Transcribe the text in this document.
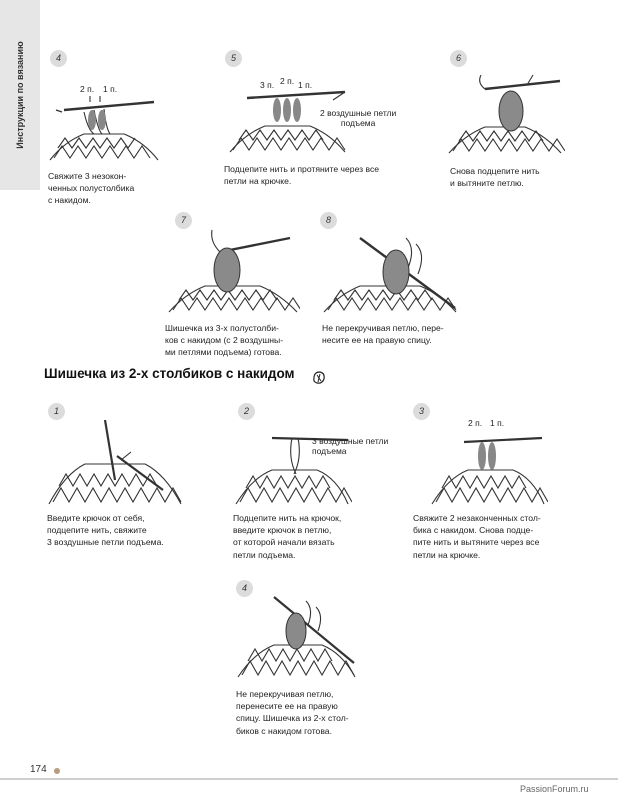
Инструкции по вязанию	4
2 п. 1 п.
Свяжите 3 незокон-
ченных полустолбика
с накидом.
5
3 п. 2 п. 1 п.
2 воздушные петли
подъема
Подцепите нить и протяните через все
петли на крючке.
6
Снова подцепите нить
и вытяните петлю.
7
Шишечка из 3-х полустолби-
ков с накидом (с 2 воздушны-
ми петлями подъема) готова.
8
Не перекручивая петлю, пере-
несите ее на правую спицу.
Шишечка из 2-х столбиков с накидом
1
Введите крючок от себя,
подцепите нить, свяжите
3 воздушные петли подъема.
2
3 воздушные петли
подъема
Подцепите нить на крючок,
введите крючок в петлю,
от которой начали вязать
петли подъема.
3
2 п. 1 п.
Свяжите 2 незаконченных стол-
бика с накидом. Снова подце-
пите нить и вытяните через все
петли на крючке.
4
Не перекручивая петлю,
перенесите ее на правую
спицу. Шишечка из 2-х стол-
биков с накидом готова.
174
PassionForum.ru
